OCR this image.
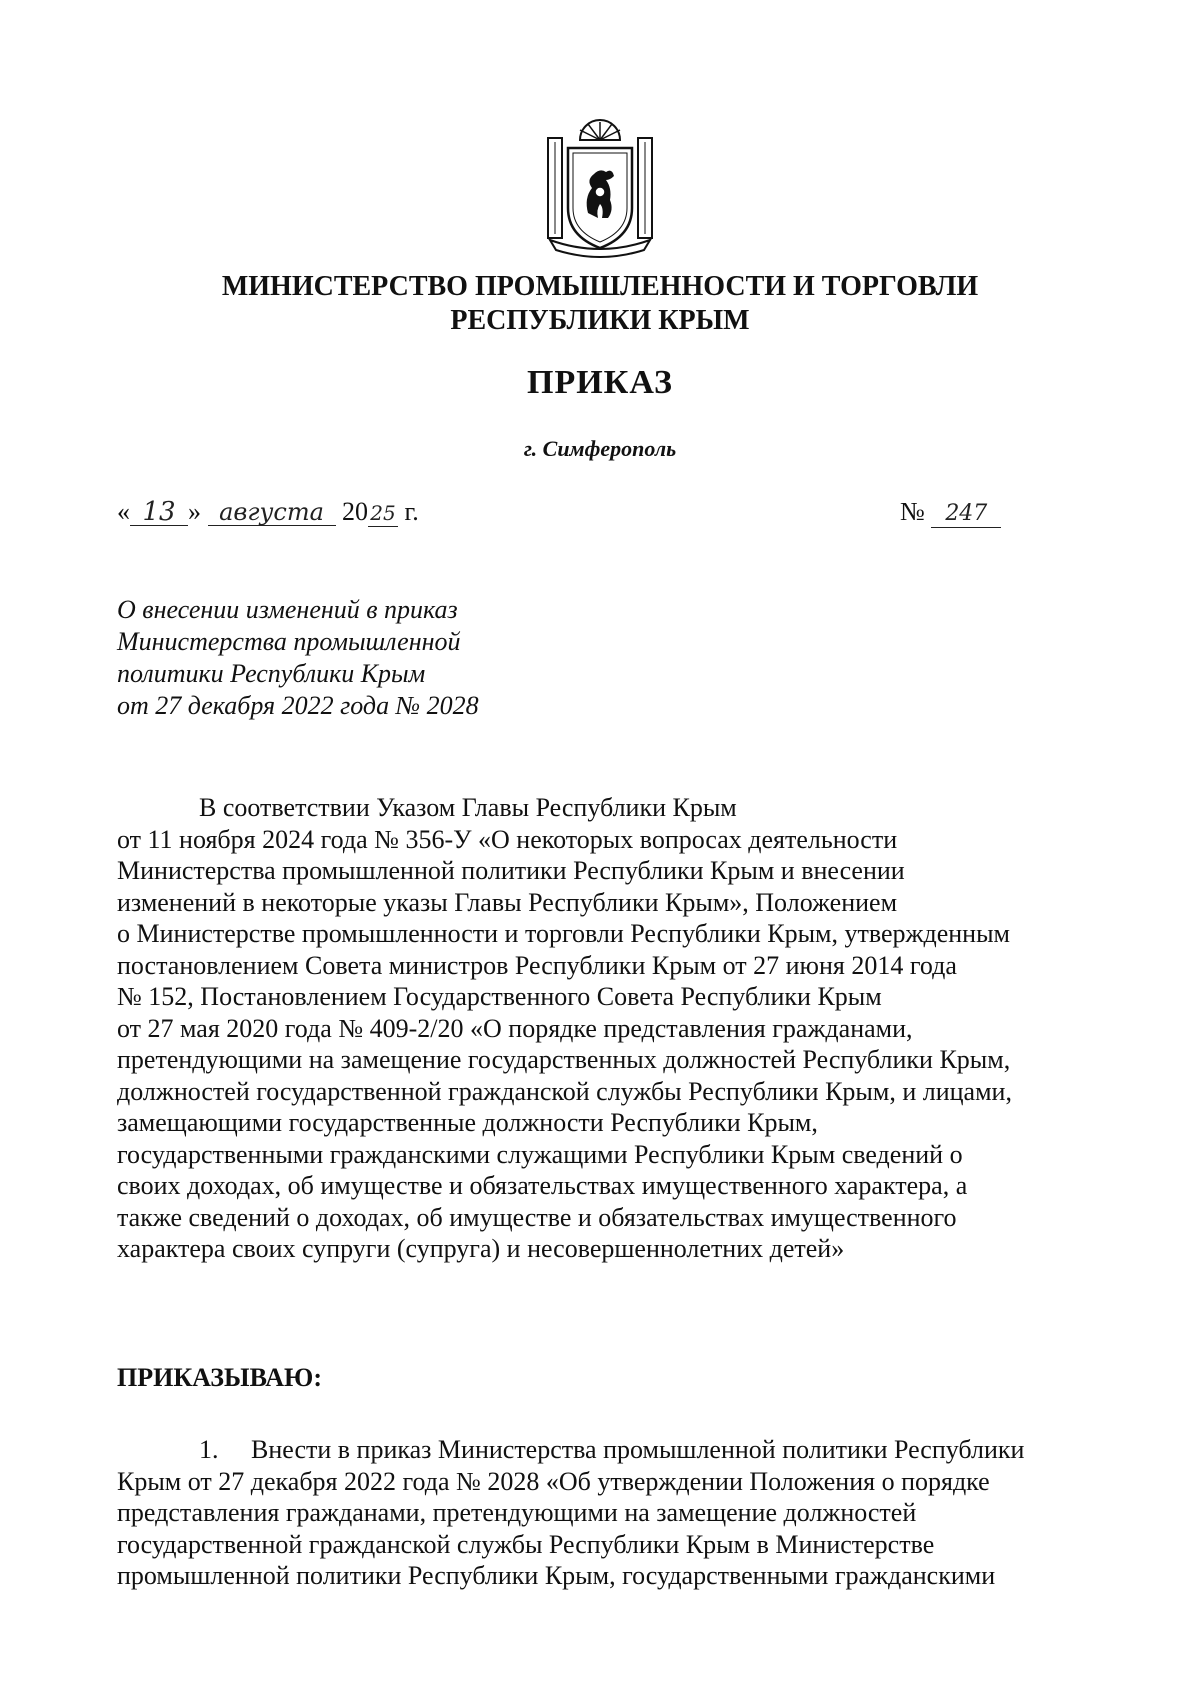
МИНИСТЕРСТВО ПРОМЫШЛЕННОСТИ И ТОРГОВЛИ
РЕСПУБЛИКИ КРЫМ
ПРИКАЗ
г. Симферополь
« 13 » августа 20 25 г.	№ 247
О внесении изменений в приказ
Министерства промышленной
политики Республики Крым
от 27 декабря 2022 года № 2028
В соответствии Указом Главы Республики Крым
от 11 ноября 2024 года № 356-У «О некоторых вопросах деятельности
Министерства промышленной политики Республики Крым и внесении
изменений в некоторые указы Главы Республики Крым», Положением
о Министерстве промышленности и торговли Республики Крым, утвержденным
постановлением Совета министров Республики Крым от 27 июня 2014 года
№ 152, Постановлением Государственного Совета Республики Крым
от 27 мая 2020 года № 409-2/20 «О порядке представления гражданами,
претендующими на замещение государственных должностей Республики Крым,
должностей государственной гражданской службы Республики Крым, и лицами,
замещающими государственные должности Республики Крым,
государственными гражданскими служащими Республики Крым сведений о
своих доходах, об имуществе и обязательствах имущественного характера, а
также сведений о доходах, об имуществе и обязательствах имущественного
характера своих супруги (супруга) и несовершеннолетних детей»
ПРИКАЗЫВАЮ:
1. Внести в приказ Министерства промышленной политики Республики
Крым от 27 декабря 2022 года № 2028 «Об утверждении Положения о порядке
представления гражданами, претендующими на замещение должностей
государственной гражданской службы Республики Крым в Министерстве
промышленной политики Республики Крым, государственными гражданскими
